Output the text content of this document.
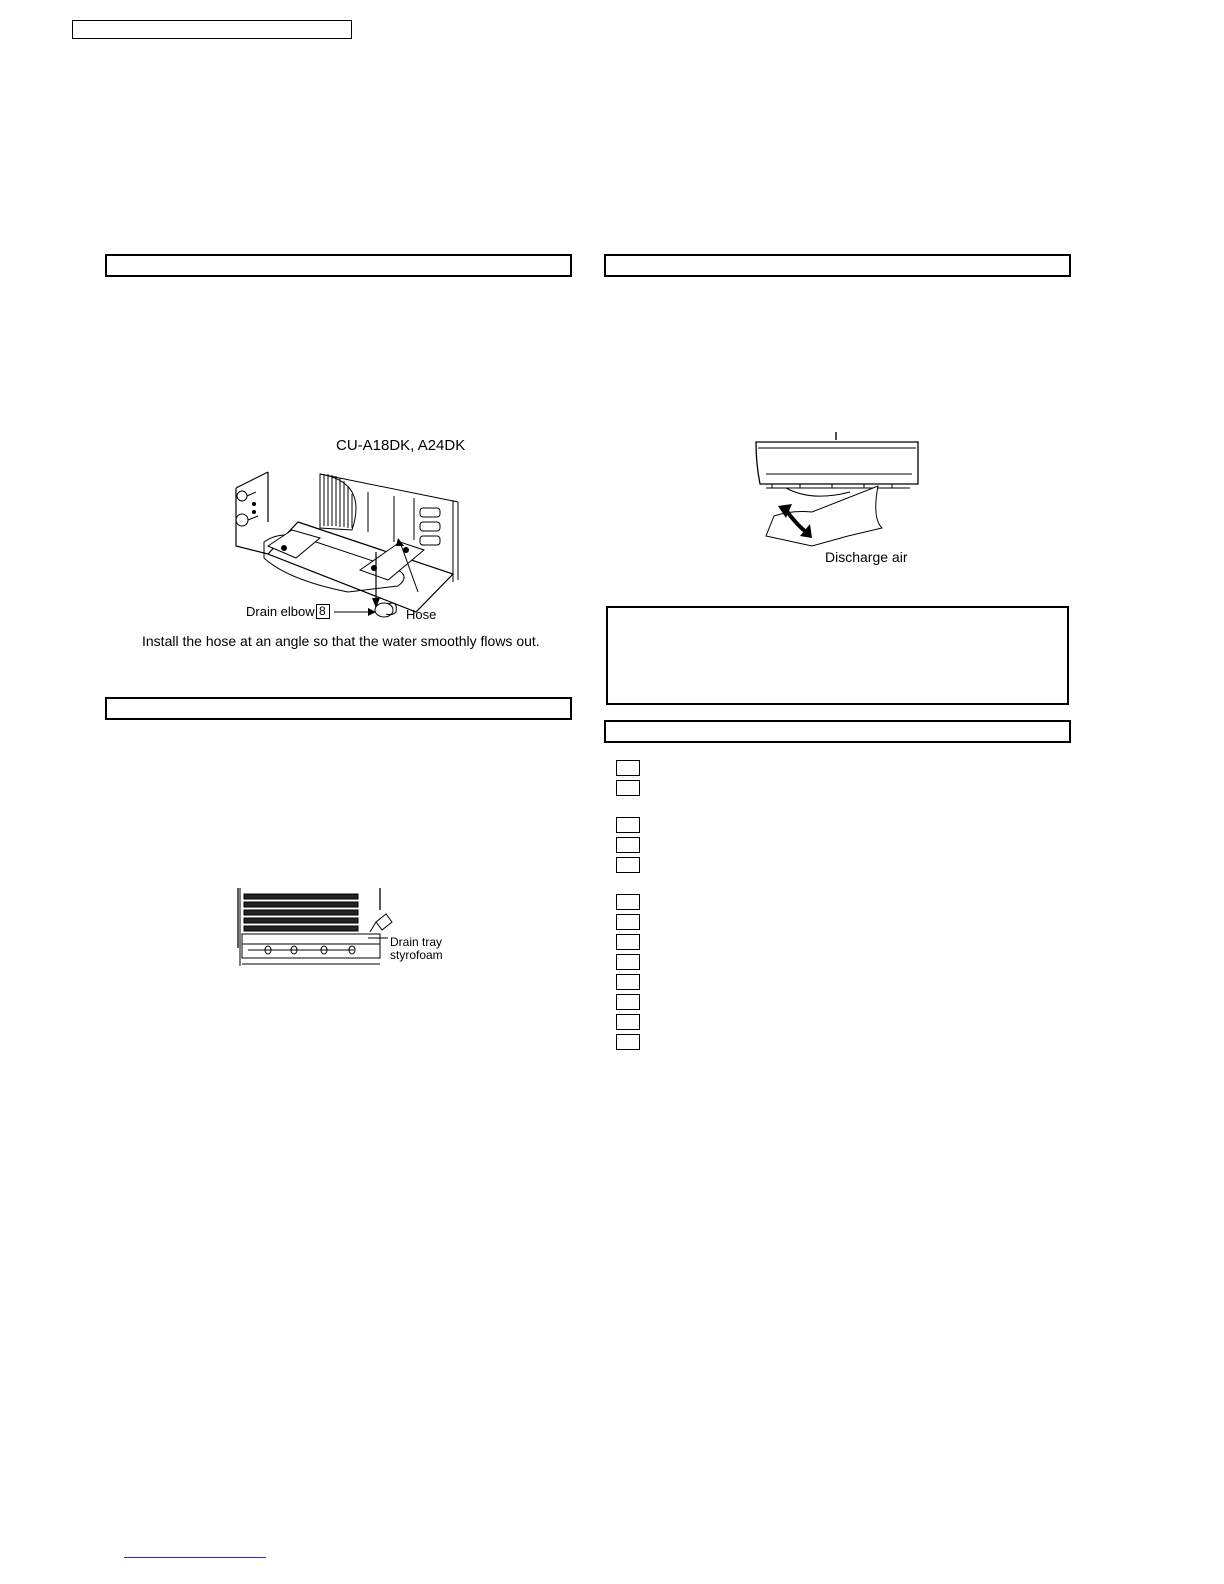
CU-A18DK, A24DK
Drain elbow 8	Hose
Install the hose at an angle so that the water smoothly flows out.
Drain tray
styrofoam
Discharge air
